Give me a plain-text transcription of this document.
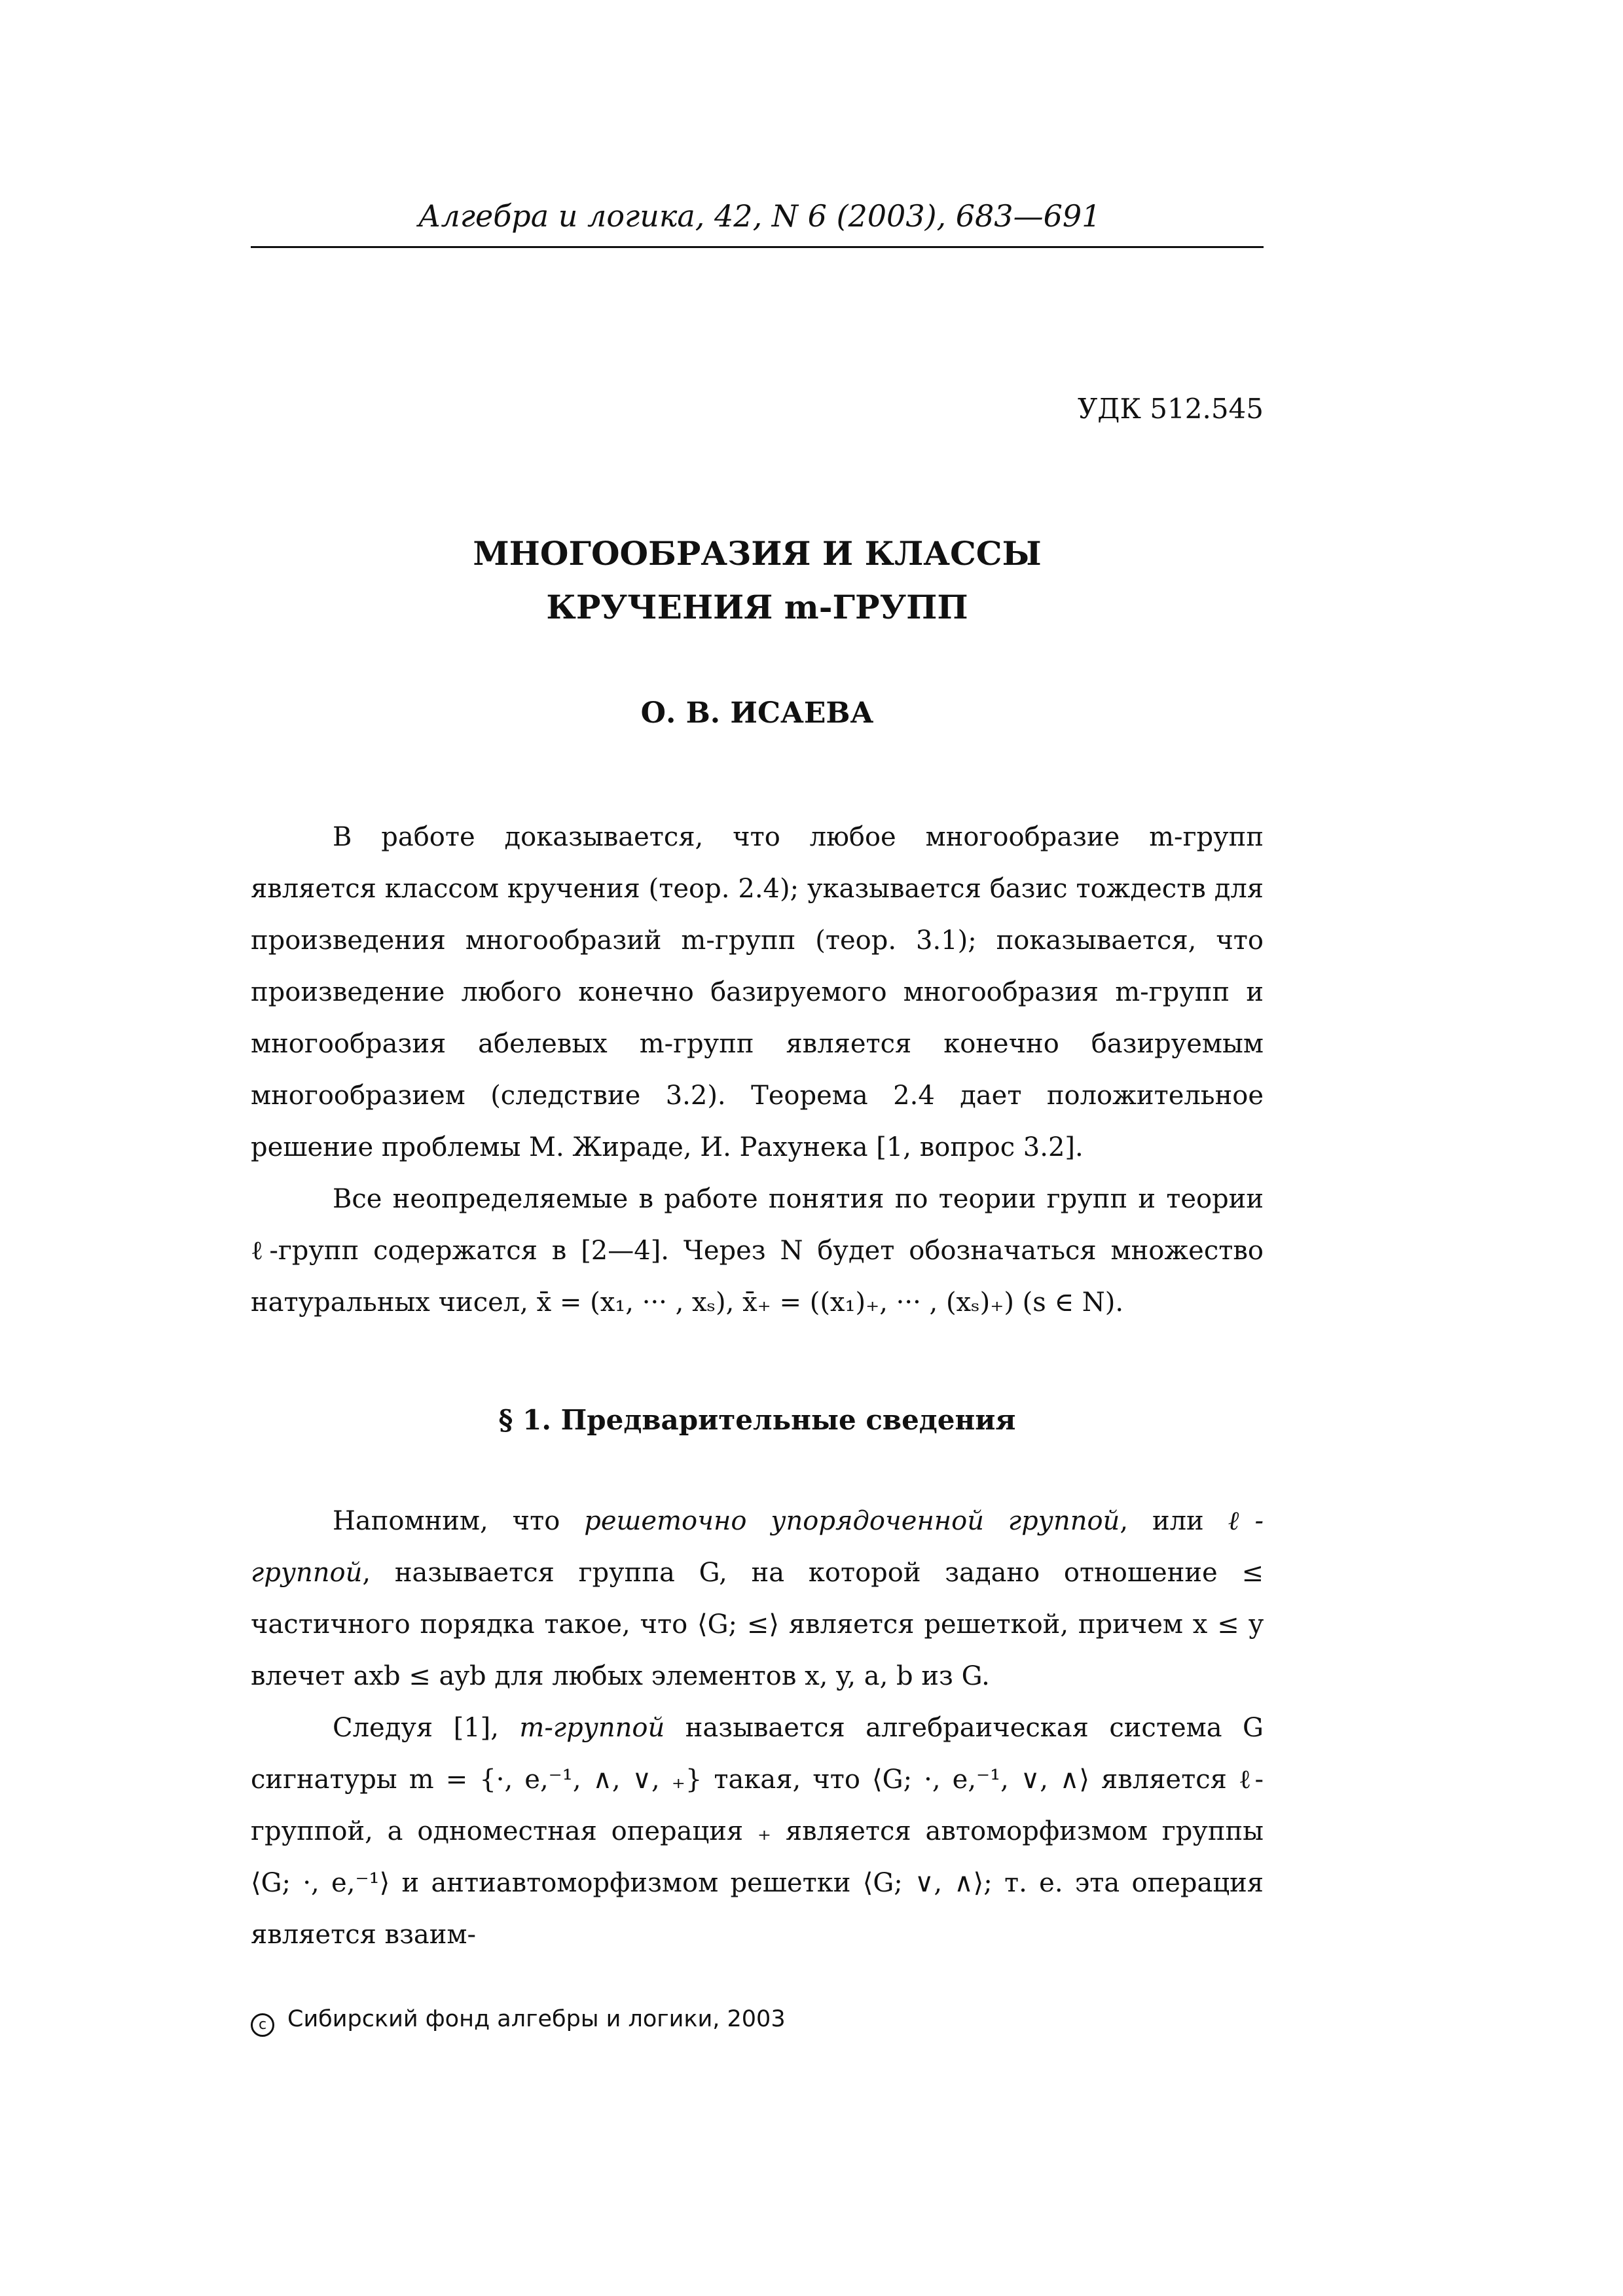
Алгебра и логика, 42, N 6 (2003), 683—691
УДК 512.545
МНОГООБРАЗИЯ И КЛАССЫ
КРУЧЕНИЯ m-ГРУПП
О. В. ИСАЕВА

В работе доказывается, что любое многообразие m-групп является классом кручения (теор. 2.4); указывается базис тождеств для произведения многообразий m-групп (теор. 3.1); показывается, что произведение любого конечно базируемого многообразия m-групп и многообразия абелевых m-групп является конечно базируемым многообразием (следствие 3.2). Теорема 2.4 дает положительное решение проблемы М. Жираде, И. Рахунека [1, вопрос 3.2].

Все неопределяемые в работе понятия по теории групп и теории ℓ-групп содержатся в [2—4]. Через N будет обозначаться множество натуральных чисел, x̄ = (x₁, ··· , xₛ), x̄₊ = ((x₁)₊, ··· , (xₛ)₊) (s ∈ N).

§ 1. Предварительные сведения

Напомним, что решеточно упорядоченной группой, или ℓ-группой, называется группа G, на которой задано отношение ≤ частичного порядка такое, что ⟨G; ≤⟩ является решеткой, причем x ≤ y влечет axb ≤ ayb для любых элементов x, y, a, b из G.

Следуя [1], m-группой называется алгебраическая система G сигнатуры m = {·, e,⁻¹, ∧, ∨, ₊} такая, что ⟨G; ·, e,⁻¹, ∨, ∧⟩ является ℓ-группой, а одноместная операция ₊ является автоморфизмом группы ⟨G; ·, e,⁻¹⟩ и антиавтоморфизмом решетки ⟨G; ∨, ∧⟩; т. е. эта операция является взаим-

c Сибирский фонд алгебры и логики, 2003
